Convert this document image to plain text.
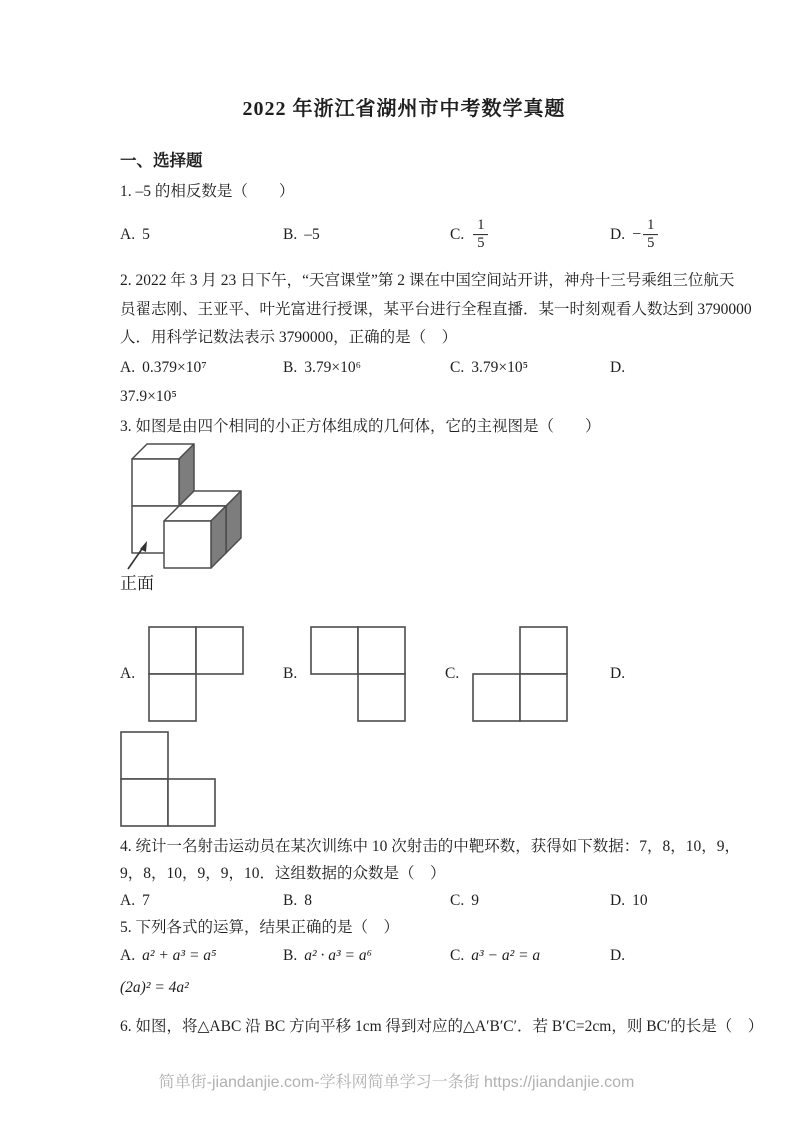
2022 年浙江省湖州市中考数学真题
一、选择题
1. –5 的相反数是（　　）
A. 5	B. –5	C. $\frac{1}{5}$	D. − $\frac{1}{5}$
2. 2022 年 3 月 23 日下午，“天宫课堂”第 2 课在中国空间站开讲，神舟十三号乘组三位航天
员翟志刚、王亚平、叶光富进行授课，某平台进行全程直播．某一时刻观看人数达到 3790000
人．用科学记数法表示 3790000，正确的是（　）
A. 0.379×10⁷	B. 3.79×10⁶	C. 3.79×10⁵	D.
37.9×10⁵
3. 如图是由四个相同的小正方体组成的几何体，它的主视图是（　　）
正面
A.	B.	C.	D.
4. 统计一名射击运动员在某次训练中 10 次射击的中靶环数，获得如下数据：7，8，10，9，
9，8，10，9，9，10．这组数据的众数是（　）
A. 7	B. 8	C. 9	D. 10
5. 下列各式的运算，结果正确的是（　）
A. a² + a³ = a⁵	B. a² · a³ = a⁶	C. a³ − a² = a	D.
(2a)² = 4a²
6. 如图，将△ABC 沿 BC 方向平移 1cm 得到对应的△A′B′C′．若 B′C=2cm，则 BC′的长是（　）
简单街-jiandanjie.com-学科网简单学习一条街 https://jiandanjie.com
